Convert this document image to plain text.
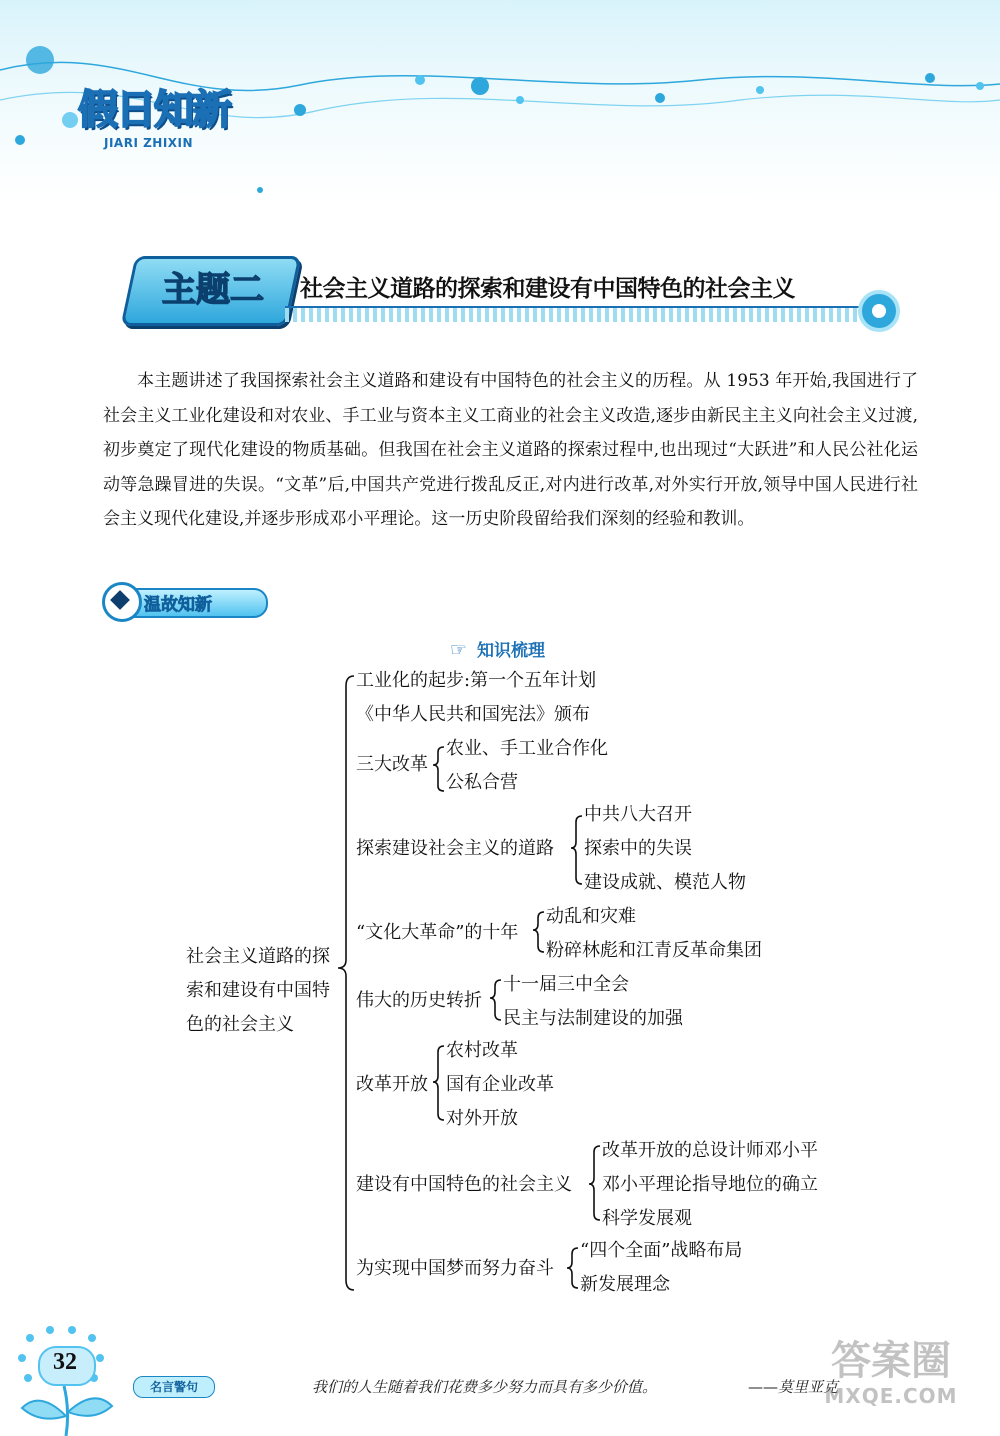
假日知新
JIARI ZHIXIN
主题二	社会主义道路的探索和建设有中国特色的社会主义
本主题讲述了我国探索社会主义道路和建设有中国特色的社会主义的历程。从 1953 年开始,我国进行了社会主义工业化建设和对农业、手工业与资本主义工商业的社会主义改造,逐步由新民主主义向社会主义过渡,初步奠定了现代化建设的物质基础。但我国在社会主义道路的探索过程中,也出现过“大跃进”和人民公社化运动等急躁冒进的失误。“文革”后,中国共产党进行拨乱反正,对内进行改革,对外实行开放,领导中国人民进行社会主义现代化建设,并逐步形成邓小平理论。这一历史阶段留给我们深刻的经验和教训。
温故知新
☞ 知识梳理
社会主义道路的探
索和建设有中国特
色的社会主义
工业化的起步:第一个五年计划
《中华人民共和国宪法》颁布
三大改革
探索建设社会主义的道路
“文化大革命”的十年
伟大的历史转折
改革开放
建设有中国特色的社会主义
为实现中国梦而努力奋斗
农业、手工业合作化
公私合营
中共八大召开
探索中的失误
建设成就、模范人物
动乱和灾难
粉碎林彪和江青反革命集团
十一届三中全会
民主与法制建设的加强
农村改革
国有企业改革
对外开放
改革开放的总设计师邓小平
邓小平理论指导地位的确立
科学发展观
“四个全面”战略布局
新发展理念
32
名言警句	我们的人生随着我们花费多少努力而具有多少价值。	——莫里亚克
答案圈
MXQE.COM
